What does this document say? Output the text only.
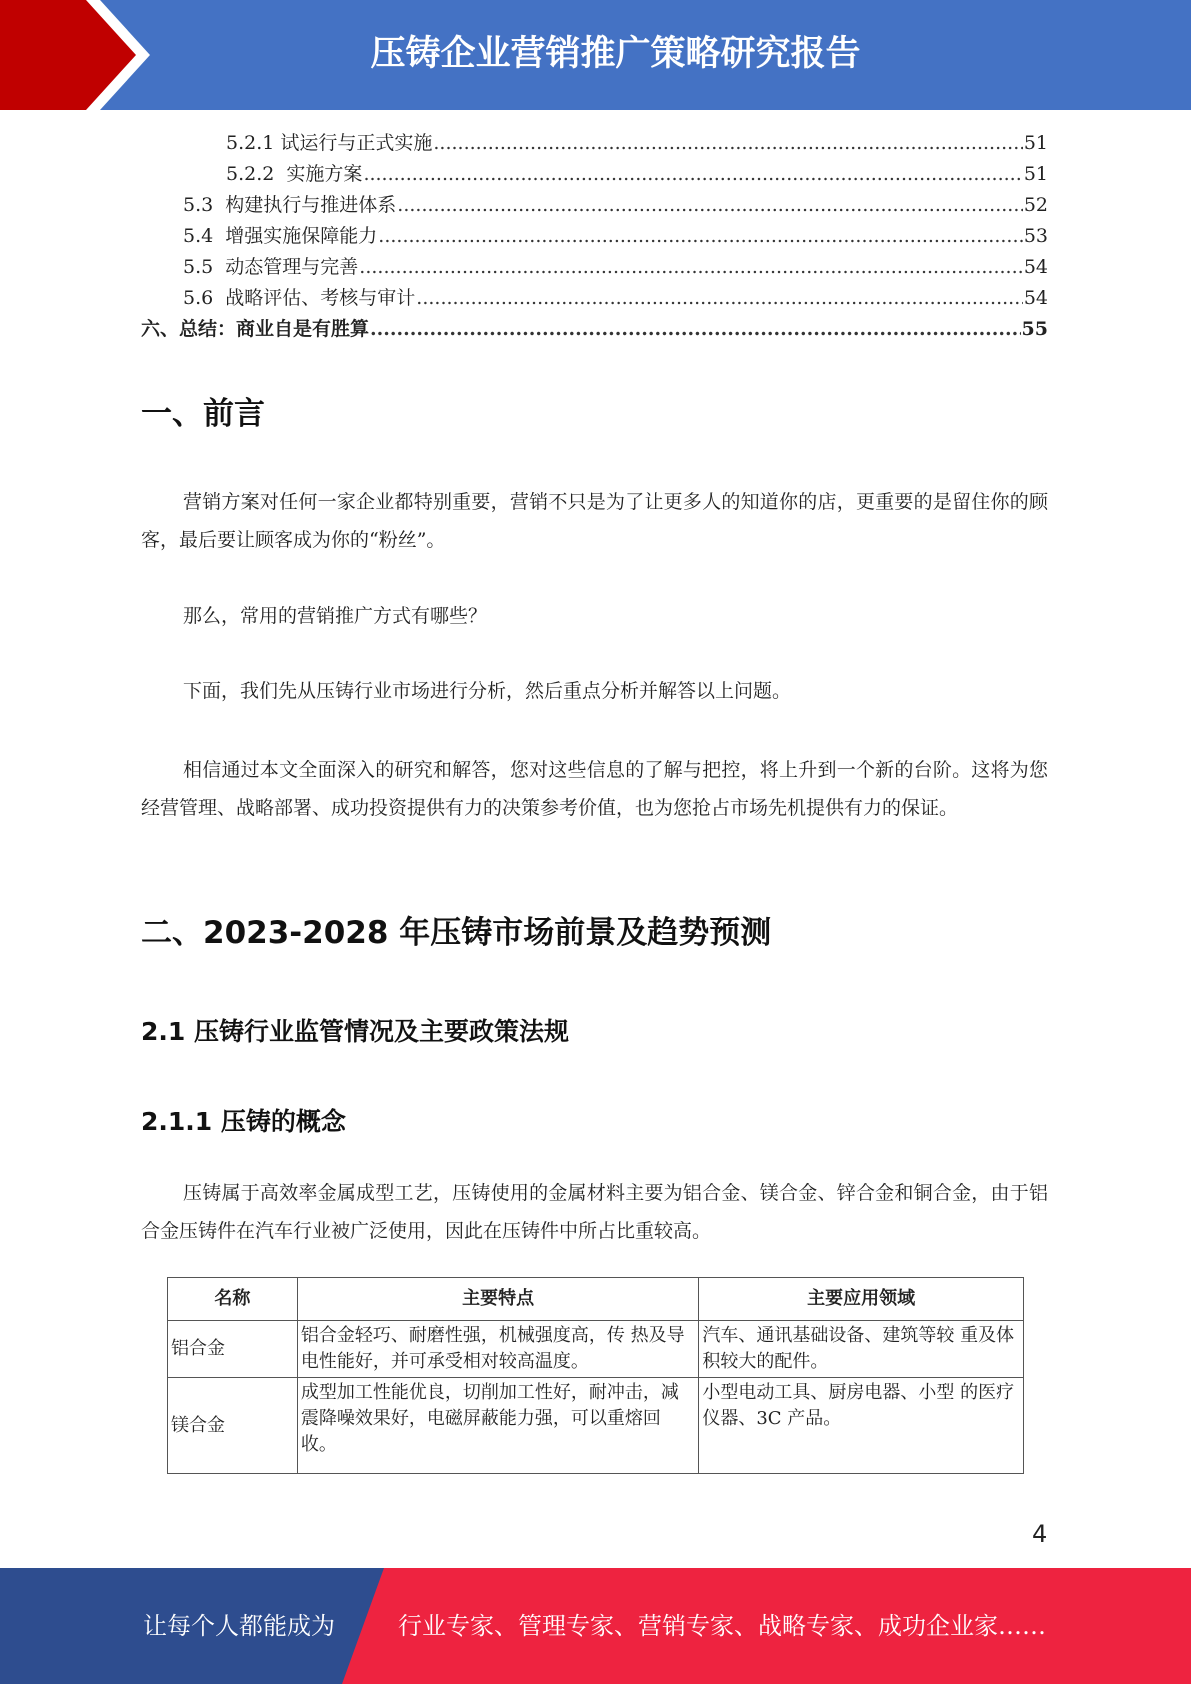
压铸企业营销推广策略研究报告
5.2.1 试运行与正式实施 .....	51
5.2.2  实施方案 .....	51
5.3  构建执行与推进体系 .....	52
5.4  增强实施保障能力 .....	53
5.5  动态管理与完善 .....	54
5.6  战略评估、考核与审计 .....	54
六、总结：商业自是有胜算 .....	55
一、前言
营销方案对任何一家企业都特别重要，营销不只是为了让更多人的知道你的店，更重要的是留住你的顾客，最后要让顾客成为你的“粉丝”。
那么，常用的营销推广方式有哪些？
下面，我们先从压铸行业市场进行分析，然后重点分析并解答以上问题。
相信通过本文全面深入的研究和解答，您对这些信息的了解与把控，将上升到一个新的台阶。这将为您经营管理、战略部署、成功投资提供有力的决策参考价值，也为您抢占市场先机提供有力的保证。
二、2023-2028 年压铸市场前景及趋势预测
2.1 压铸行业监管情况及主要政策法规
2.1.1 压铸的概念
压铸属于高效率金属成型工艺，压铸使用的金属材料主要为铝合金、镁合金、锌合金和铜合金，由于铝合金压铸件在汽车行业被广泛使用，因此在压铸件中所占比重较高。
名称	主要特点	主要应用领域
铝合金	铝合金轻巧、耐磨性强，机械强度高，传 热及导电性能好，并可承受相对较高温度。	汽车、通讯基础设备、建筑等较 重及体积较大的配件。
镁合金	成型加工性能优良，切削加工性好，耐冲击，减震降噪效果好，电磁屏蔽能力强，可以重熔回收。	小型电动工具、厨房电器、小型 的医疗仪器、3C 产品。
4
让每个人都能成为	行业专家、管理专家、营销专家、战略专家、成功企业家……
